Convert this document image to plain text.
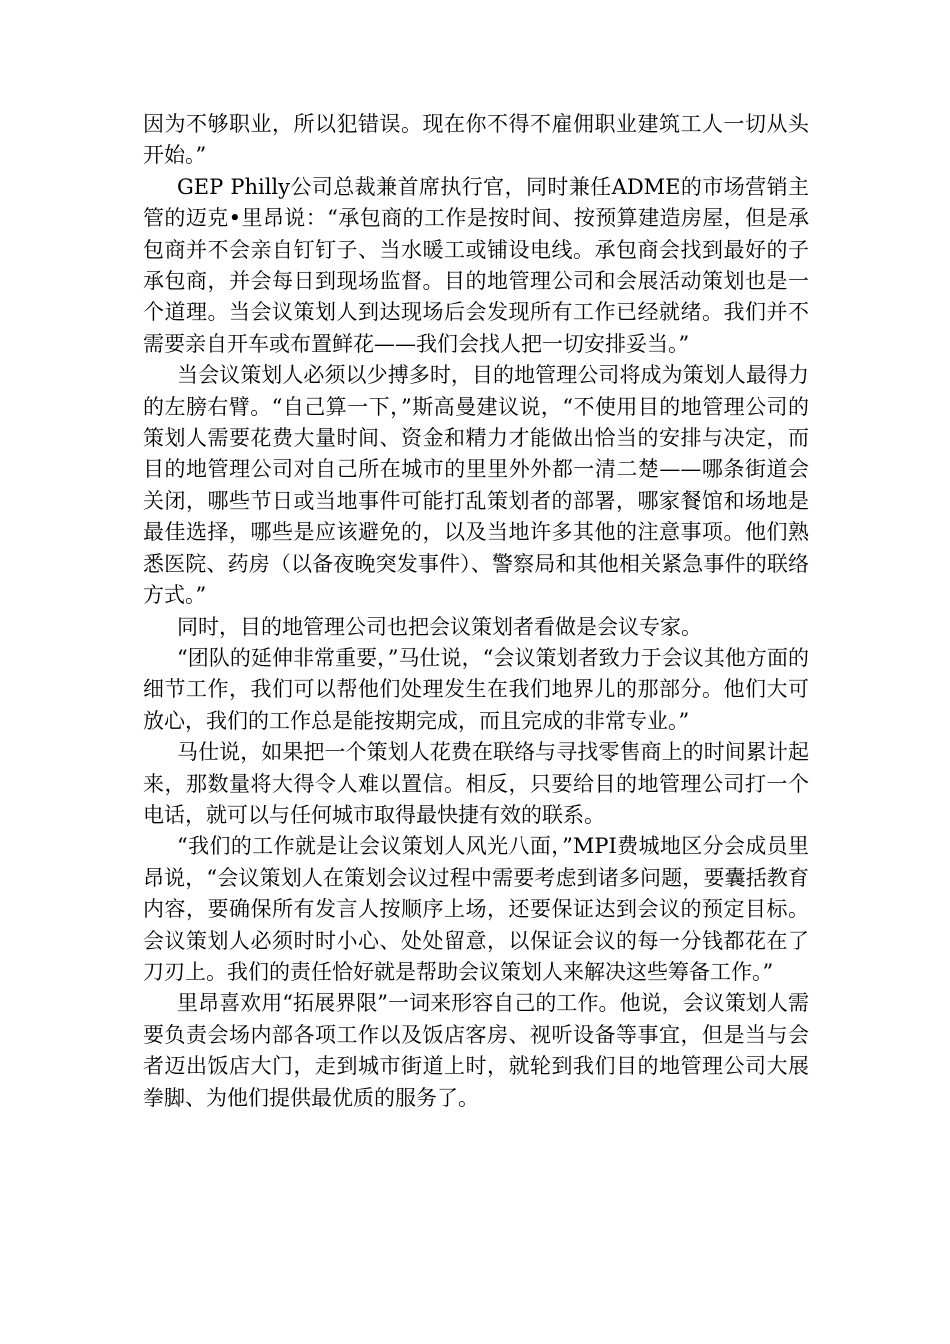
因为不够职业，所以犯错误。现在你不得不雇佣职业建筑工人一切从头开始。”

GEP Philly公司总裁兼首席执行官，同时兼任ADME的市场营销主管的迈克•里昂说：“承包商的工作是按时间、按预算建造房屋，但是承包商并不会亲自钉钉子、当水暖工或铺设电线。承包商会找到最好的子承包商，并会每日到现场监督。目的地管理公司和会展活动策划也是一个道理。当会议策划人到达现场后会发现所有工作已经就绪。我们并不需要亲自开车或布置鲜花——我们会找人把一切安排妥当。”

当会议策划人必须以少搏多时，目的地管理公司将成为策划人最得力的左膀右臂。“自己算一下，”斯高曼建议说，“不使用目的地管理公司的策划人需要花费大量时间、资金和精力才能做出恰当的安排与决定，而目的地管理公司对自己所在城市的里里外外都一清二楚——哪条街道会关闭，哪些节日或当地事件可能打乱策划者的部署，哪家餐馆和场地是最佳选择，哪些是应该避免的，以及当地许多其他的注意事项。他们熟悉医院、药房（以备夜晚突发事件）、警察局和其他相关紧急事件的联络方式。”

同时，目的地管理公司也把会议策划者看做是会议专家。

“团队的延伸非常重要，”马仕说，“会议策划者致力于会议其他方面的细节工作，我们可以帮他们处理发生在我们地界儿的那部分。他们大可放心，我们的工作总是能按期完成，而且完成的非常专业。”

马仕说，如果把一个策划人花费在联络与寻找零售商上的时间累计起来，那数量将大得令人难以置信。相反，只要给目的地管理公司打一个电话，就可以与任何城市取得最快捷有效的联系。

“我们的工作就是让会议策划人风光八面，”MPI费城地区分会成员里昂说，“会议策划人在策划会议过程中需要考虑到诸多问题，要囊括教育内容，要确保所有发言人按顺序上场，还要保证达到会议的预定目标。会议策划人必须时时小心、处处留意，以保证会议的每一分钱都花在了刀刃上。我们的责任恰好就是帮助会议策划人来解决这些筹备工作。”

里昂喜欢用“拓展界限”一词来形容自己的工作。他说，会议策划人需要负责会场内部各项工作以及饭店客房、视听设备等事宜，但是当与会者迈出饭店大门，走到城市街道上时，就轮到我们目的地管理公司大展拳脚、为他们提供最优质的服务了。
